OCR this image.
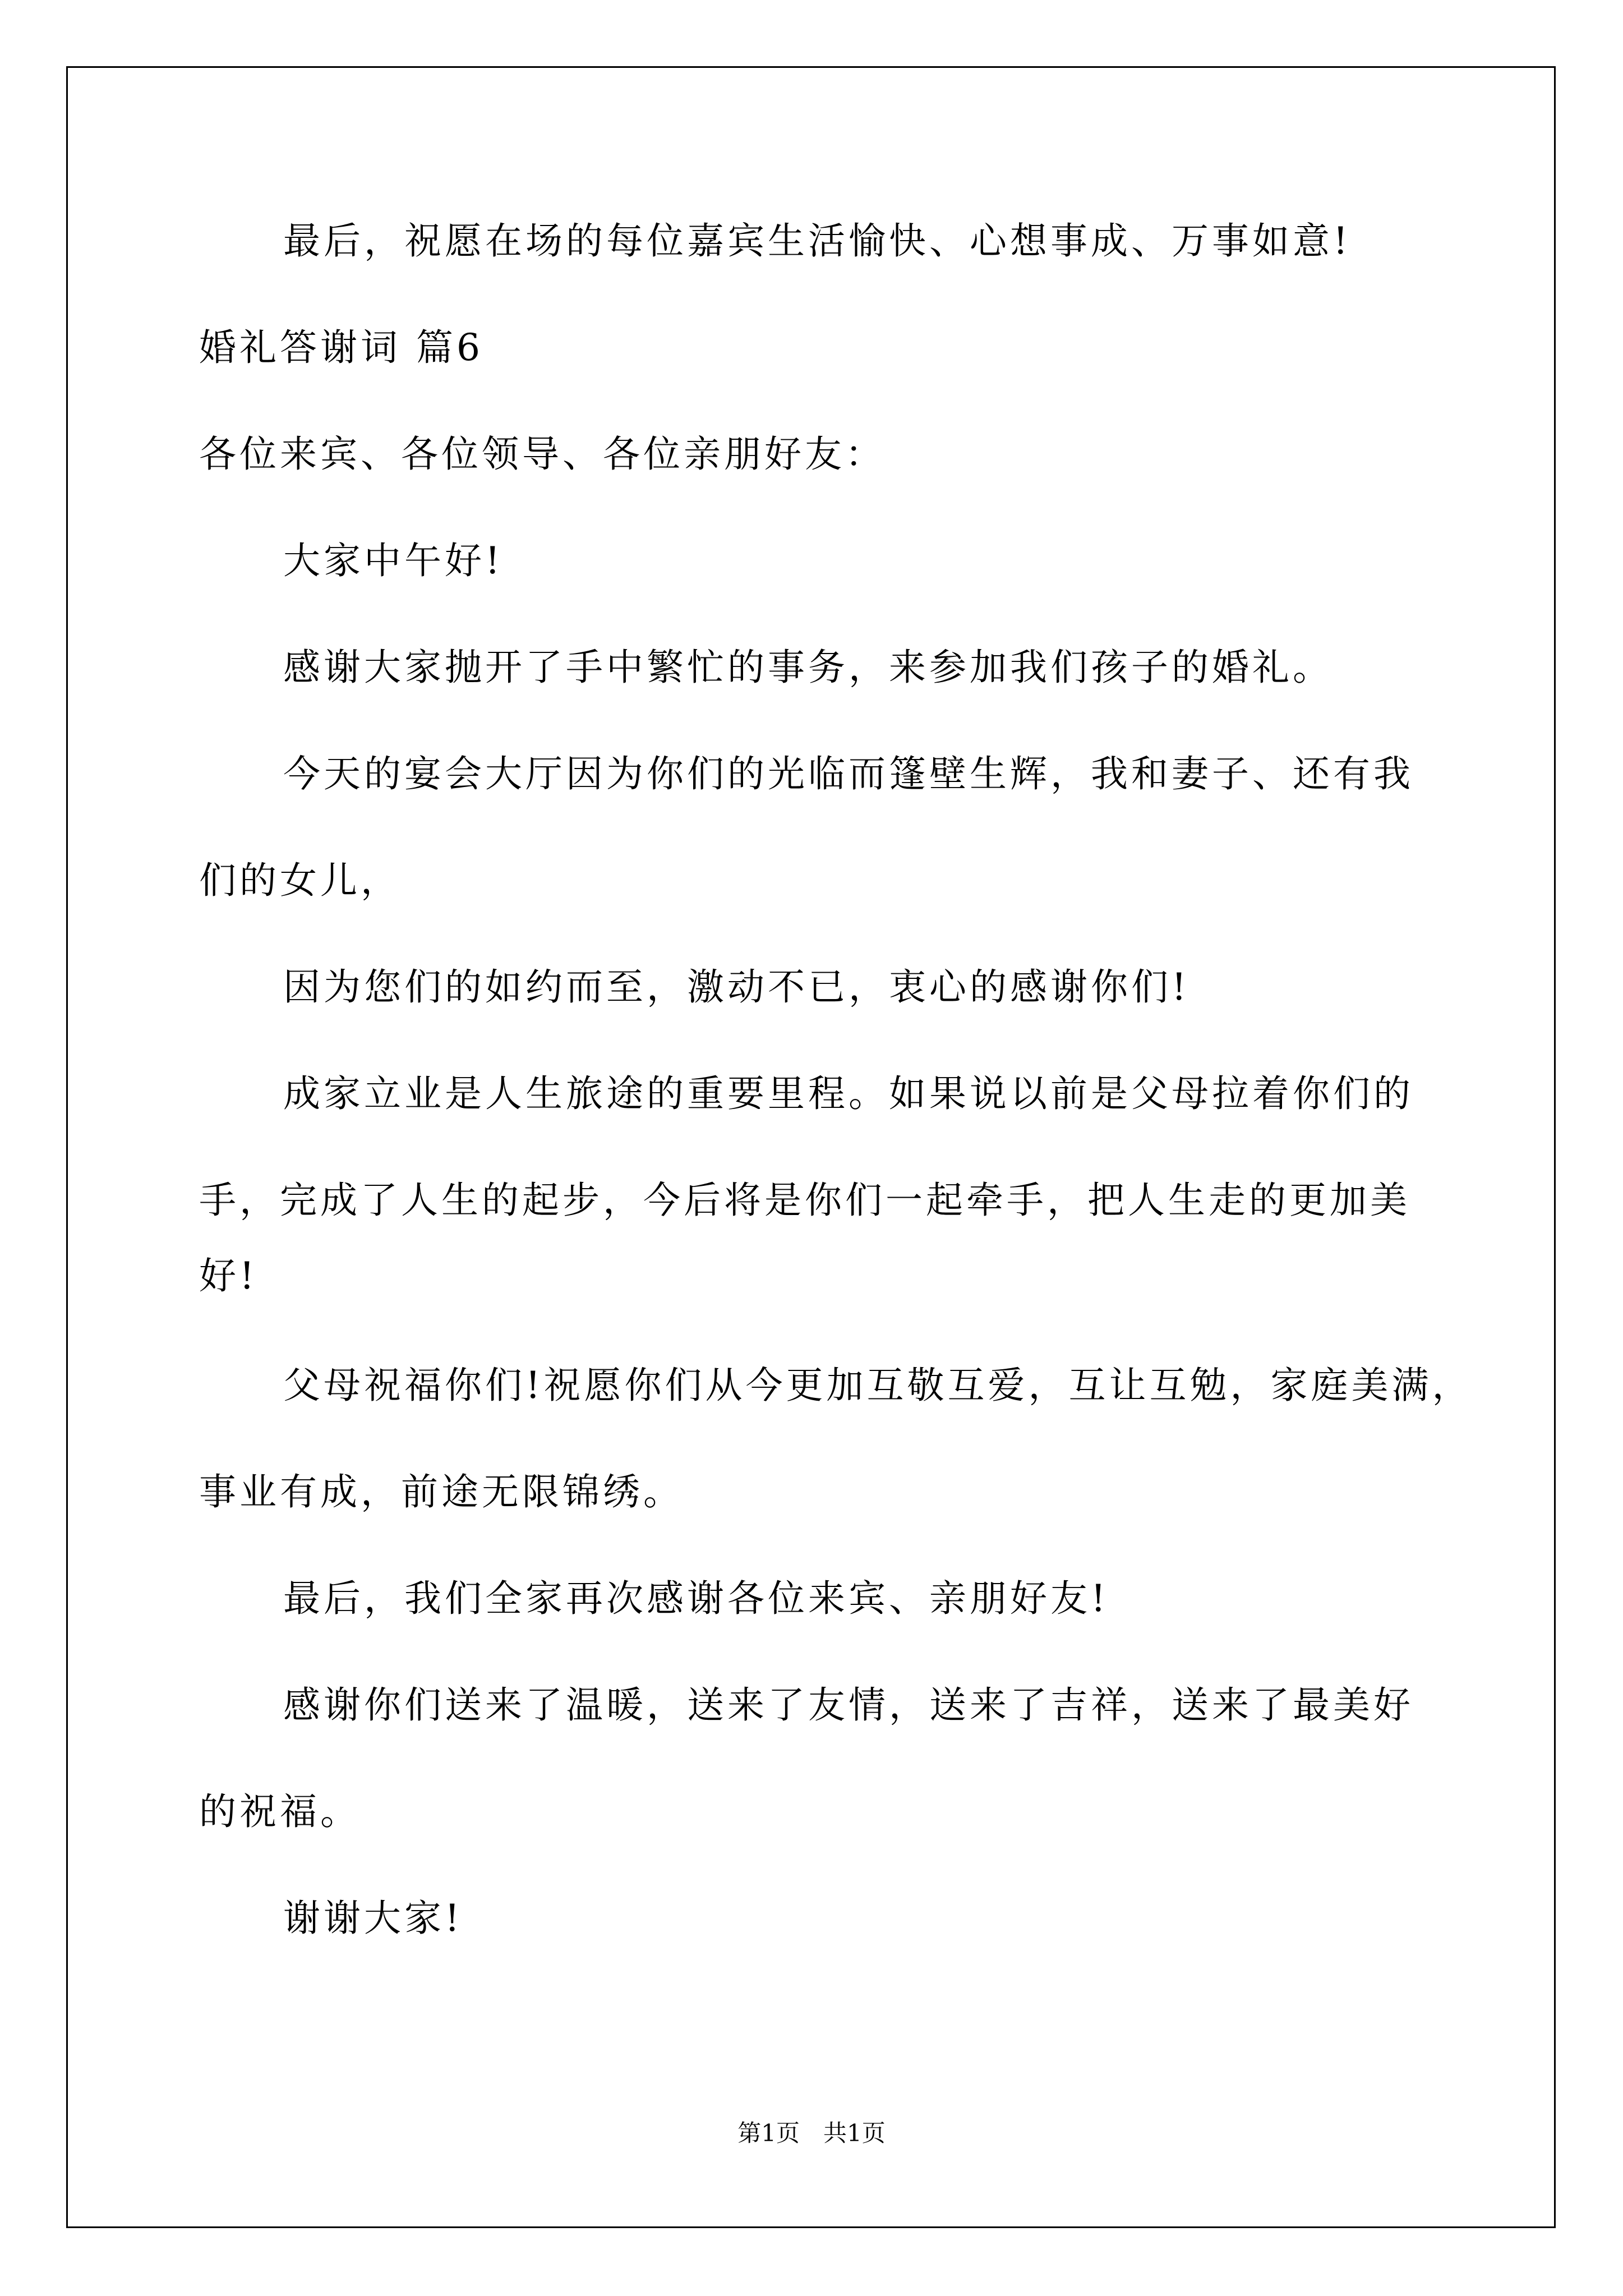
最后，祝愿在场的每位嘉宾生活愉快、心想事成、万事如意!
婚礼答谢词 篇6
各位来宾、各位领导、各位亲朋好友：
大家中午好!
感谢大家抛开了手中繁忙的事务，来参加我们孩子的婚礼。
今天的宴会大厅因为你们的光临而篷壁生辉，我和妻子、还有我
们的女儿，
因为您们的如约而至，激动不已，衷心的感谢你们!
成家立业是人生旅途的重要里程。如果说以前是父母拉着你们的
手，完成了人生的起步，今后将是你们一起牵手，把人生走的更加美
好!
父母祝福你们!祝愿你们从今更加互敬互爱，互让互勉，家庭美满，
事业有成，前途无限锦绣。
最后，我们全家再次感谢各位来宾、亲朋好友!
感谢你们送来了温暖，送来了友情，送来了吉祥，送来了最美好
的祝福。
谢谢大家!
第1页　共1页
